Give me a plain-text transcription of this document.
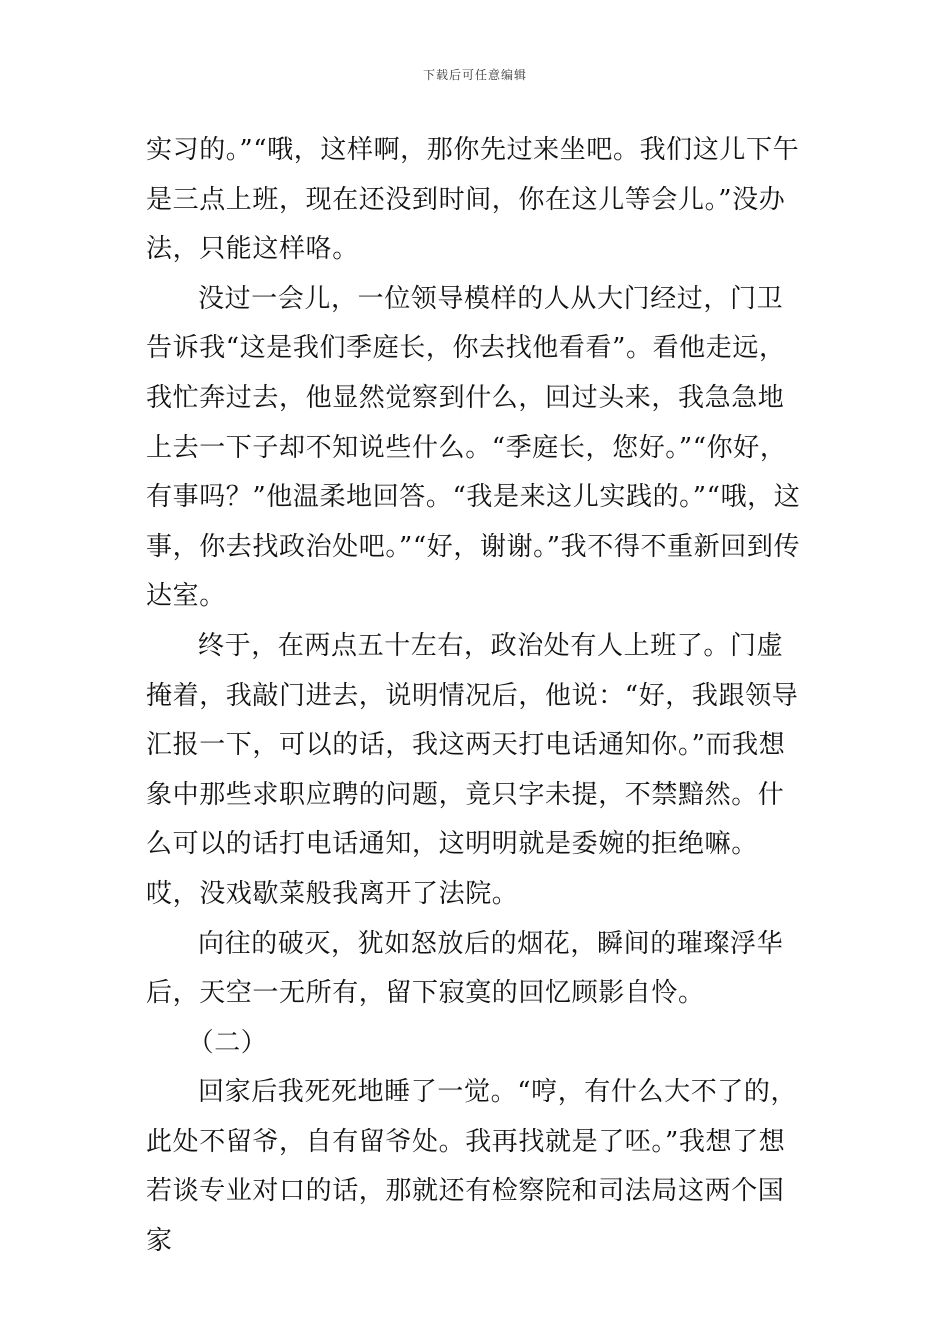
下载后可任意编辑

实习的。”“哦，这样啊，那你先过来坐吧。我们这儿下午是三点上班，现在还没到时间，你在这儿等会儿。”没办法，只能这样咯。

没过一会儿，一位领导模样的人从大门经过，门卫告诉我“这是我们季庭长，你去找他看看”。看他走远，我忙奔过去，他显然觉察到什么，回过头来，我急急地上去一下子却不知说些什么。“季庭长，您好。”“你好，有事吗？”他温柔地回答。“我是来这儿实践的。”“哦，这事，你去找政治处吧。”“好，谢谢。”我不得不重新回到传达室。

终于，在两点五十左右，政治处有人上班了。门虚掩着，我敲门进去，说明情况后，他说：“好，我跟领导汇报一下，可以的话，我这两天打电话通知你。”而我想象中那些求职应聘的问题，竟只字未提，不禁黯然。什么可以的话打电话通知，这明明就是委婉的拒绝嘛。哎，没戏歇菜般我离开了法院。

向往的破灭，犹如怒放后的烟花，瞬间的璀璨浮华后，天空一无所有，留下寂寞的回忆顾影自怜。

（二）

回家后我死死地睡了一觉。“哼，有什么大不了的，此处不留爷，自有留爷处。我再找就是了呸。”我想了想若谈专业对口的话，那就还有检察院和司法局这两个国家
